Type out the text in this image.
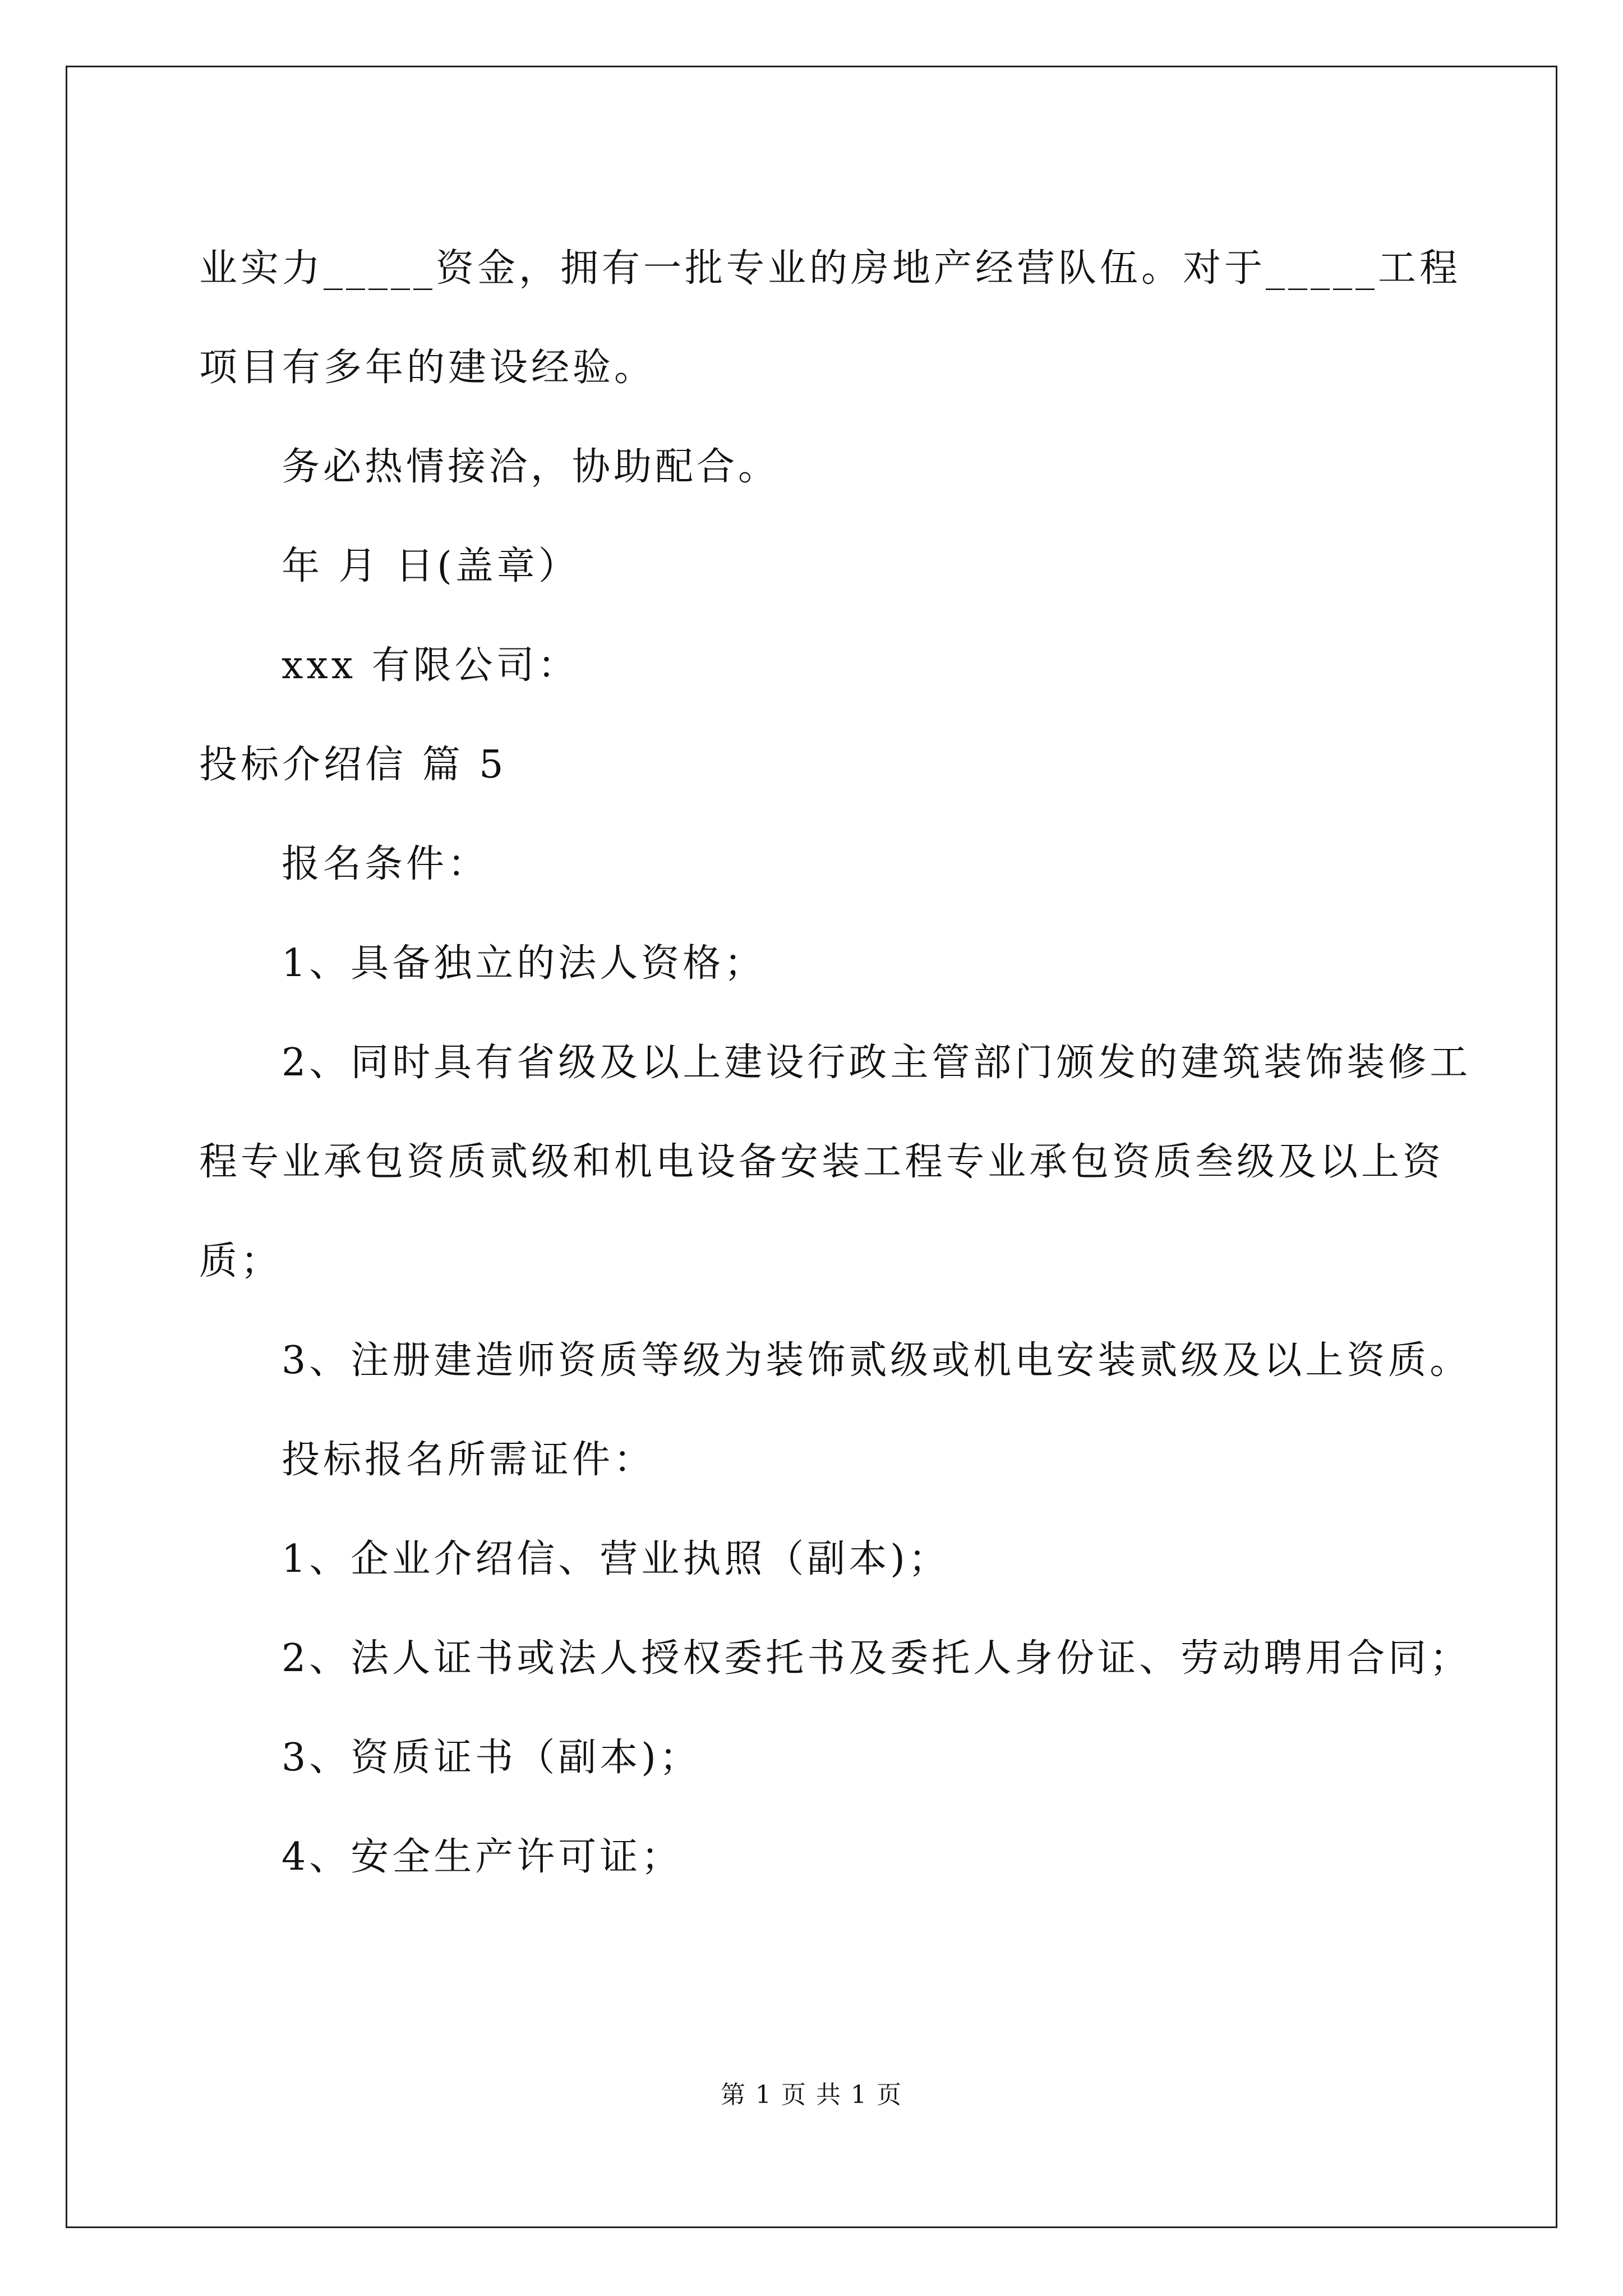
业实力_____资金，拥有一批专业的房地产经营队伍。对于_____工程
项目有多年的建设经验。
务必热情接洽，协助配合。
年 月 日(盖章）
xxx 有限公司：
投标介绍信 篇 5
报名条件：
1、具备独立的法人资格；
2、同时具有省级及以上建设行政主管部门颁发的建筑装饰装修工
程专业承包资质贰级和机电设备安装工程专业承包资质叁级及以上资
质；
3、注册建造师资质等级为装饰贰级或机电安装贰级及以上资质。
投标报名所需证件：
1、企业介绍信、营业执照（副本)；
2、法人证书或法人授权委托书及委托人身份证、劳动聘用合同；
3、资质证书（副本)；
4、安全生产许可证；
第 1 页 共 1 页
